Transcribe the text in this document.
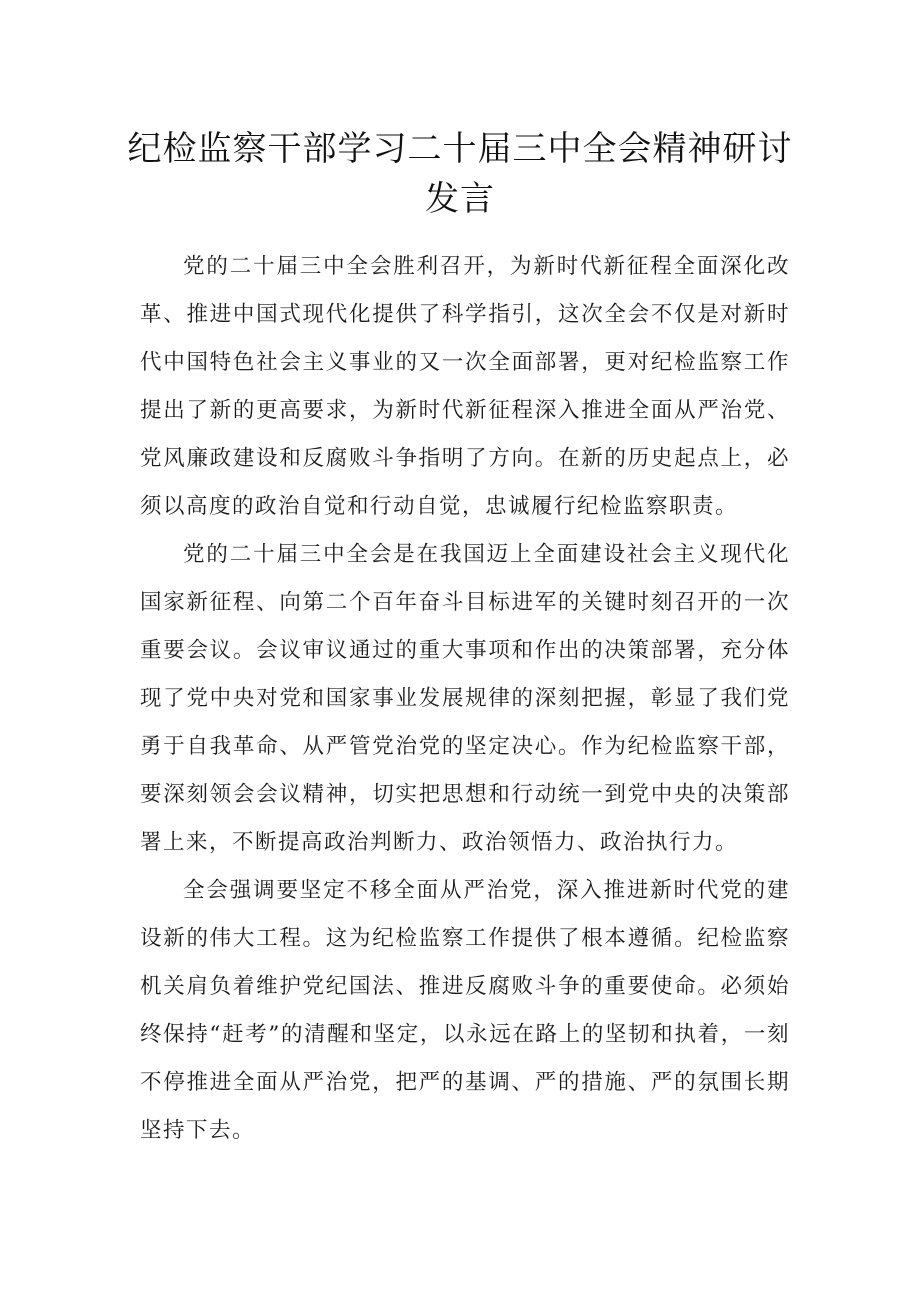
纪检监察干部学习二十届三中全会精神研讨发言

党的二十届三中全会胜利召开，为新时代新征程全面深化改革、推进中国式现代化提供了科学指引，这次全会不仅是对新时代中国特色社会主义事业的又一次全面部署，更对纪检监察工作提出了新的更高要求，为新时代新征程深入推进全面从严治党、党风廉政建设和反腐败斗争指明了方向。在新的历史起点上，必须以高度的政治自觉和行动自觉，忠诚履行纪检监察职责。

党的二十届三中全会是在我国迈上全面建设社会主义现代化国家新征程、向第二个百年奋斗目标进军的关键时刻召开的一次重要会议。会议审议通过的重大事项和作出的决策部署，充分体现了党中央对党和国家事业发展规律的深刻把握，彰显了我们党勇于自我革命、从严管党治党的坚定决心。作为纪检监察干部，要深刻领会会议精神，切实把思想和行动统一到党中央的决策部署上来，不断提高政治判断力、政治领悟力、政治执行力。

全会强调要坚定不移全面从严治党，深入推进新时代党的建设新的伟大工程。这为纪检监察工作提供了根本遵循。纪检监察机关肩负着维护党纪国法、推进反腐败斗争的重要使命。必须始终保持“赶考”的清醒和坚定，以永远在路上的坚韧和执着，一刻不停推进全面从严治党，把严的基调、严的措施、严的氛围长期坚持下去。
